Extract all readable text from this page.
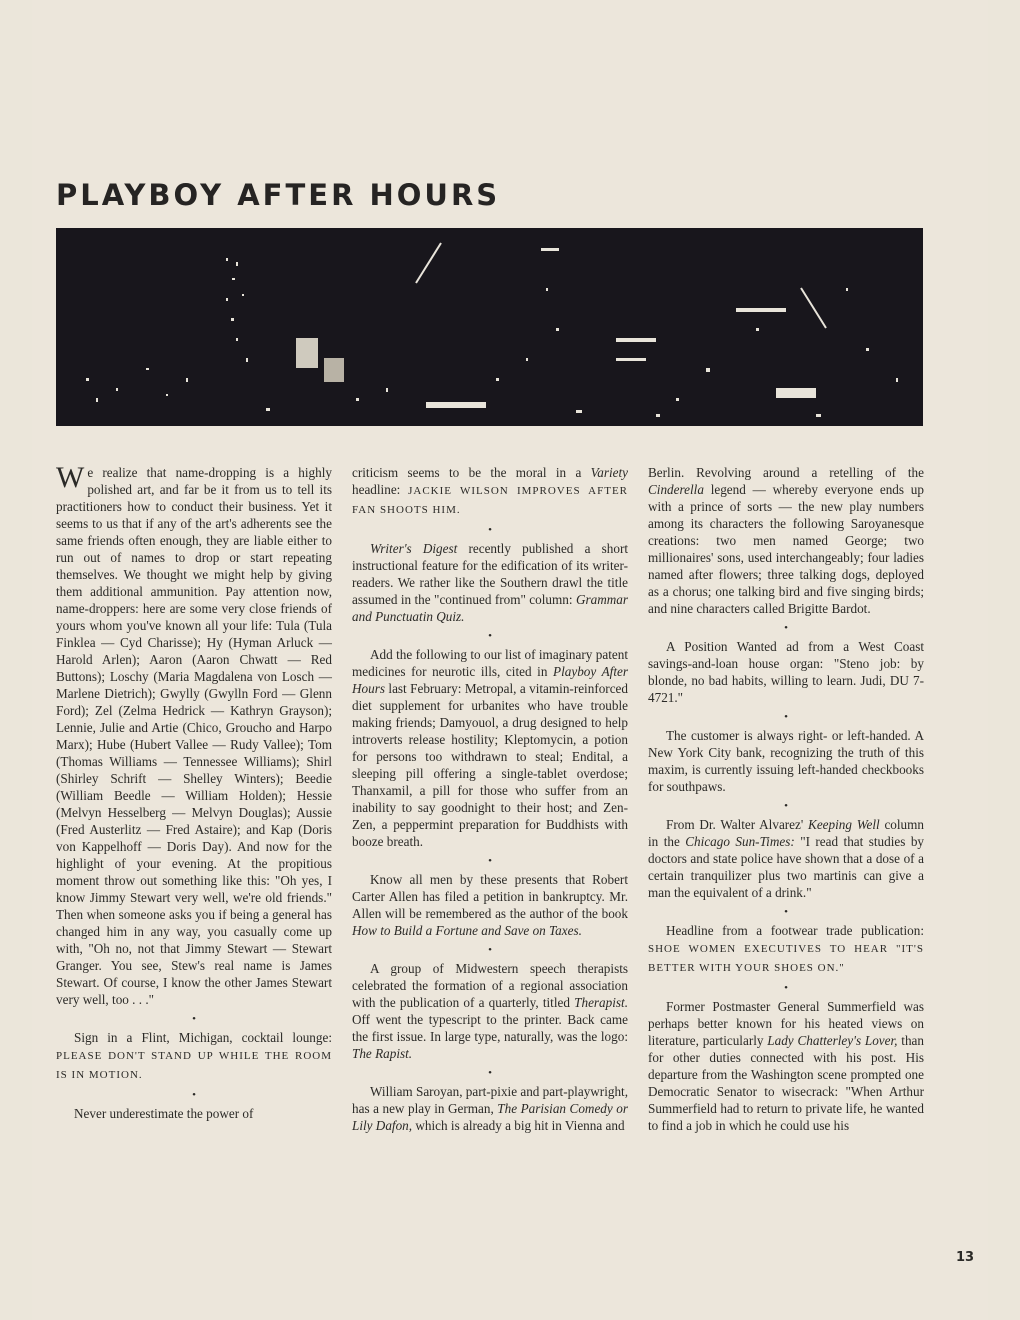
PLAYBOY AFTER HOURS

We realize that name-dropping is a highly polished art, and far be it from us to tell its practitioners how to conduct their business. Yet it seems to us that if any of the art's adherents see the same friends often enough, they are liable either to run out of names to drop or start repeating themselves. We thought we might help by giving them additional ammunition. Pay attention now, name-droppers: here are some very close friends of yours whom you've known all your life: Tula (Tula Finklea — Cyd Charisse); Hy (Hyman Arluck — Harold Arlen); Aaron (Aaron Chwatt — Red Buttons); Loschy (Maria Magdalena von Losch — Marlene Dietrich); Gwylly (Gwylln Ford — Glenn Ford); Zel (Zelma Hedrick — Kathryn Grayson); Lennie, Julie and Artie (Chico, Groucho and Harpo Marx); Hube (Hubert Vallee — Rudy Vallee); Tom (Thomas Williams — Tennessee Williams); Shirl (Shirley Schrift — Shelley Winters); Beedie (William Beedle — William Holden); Hessie (Melvyn Hesselberg — Melvyn Douglas); Aussie (Fred Austerlitz — Fred Astaire); and Kap (Doris von Kappelhoff — Doris Day). And now for the highlight of your evening. At the propitious moment throw out something like this: "Oh yes, I know Jimmy Stewart very well, we're old friends." Then when someone asks you if being a general has changed him in any way, you casually come up with, "Oh no, not that Jimmy Stewart — Stewart Granger. You see, Stew's real name is James Stewart. Of course, I know the other James Stewart very well, too . . ."

•

Sign in a Flint, Michigan, cocktail lounge: PLEASE DON'T STAND UP WHILE THE ROOM IS IN MOTION.

•

Never underestimate the power of

criticism seems to be the moral in a Variety headline: JACKIE WILSON IMPROVES AFTER FAN SHOOTS HIM.

•

Writer's Digest recently published a short instructional feature for the edification of its writer-readers. We rather like the Southern drawl the title assumed in the "continued from" column: Grammar and Punctuatin Quiz.

•

Add the following to our list of imaginary patent medicines for neurotic ills, cited in Playboy After Hours last February: Metropal, a vitamin-reinforced diet supplement for urbanites who have trouble making friends; Damyouol, a drug designed to help introverts release hostility; Kleptomycin, a potion for persons too withdrawn to steal; Endital, a sleeping pill offering a single-tablet overdose; Thanxamil, a pill for those who suffer from an inability to say goodnight to their host; and Zen-Zen, a peppermint preparation for Buddhists with booze breath.

•

Know all men by these presents that Robert Carter Allen has filed a petition in bankruptcy. Mr. Allen will be remembered as the author of the book How to Build a Fortune and Save on Taxes.

•

A group of Midwestern speech therapists celebrated the formation of a regional association with the publication of a quarterly, titled Therapist. Off went the typescript to the printer. Back came the first issue. In large type, naturally, was the logo: The Rapist.

•

William Saroyan, part-pixie and part-playwright, has a new play in German, The Parisian Comedy or Lily Dafon, which is already a big hit in Vienna and

Berlin. Revolving around a retelling of the Cinderella legend — whereby everyone ends up with a prince of sorts — the new play numbers among its characters the following Saroyanesque creations: two men named George; two millionaires' sons, used interchangeably; four ladies named after flowers; three talking dogs, deployed as a chorus; one talking bird and five singing birds; and nine characters called Brigitte Bardot.

•

A Position Wanted ad from a West Coast savings-and-loan house organ: "Steno job: by blonde, no bad habits, willing to learn. Judi, DU 7-4721."

•

The customer is always right- or left-handed. A New York City bank, recognizing the truth of this maxim, is currently issuing left-handed checkbooks for southpaws.

•

From Dr. Walter Alvarez' Keeping Well column in the Chicago Sun-Times: "I read that studies by doctors and state police have shown that a dose of a certain tranquilizer plus two martinis can give a man the equivalent of a drink."

•

Headline from a footwear trade publication: SHOE WOMEN EXECUTIVES TO HEAR "IT'S BETTER WITH YOUR SHOES ON."

•

Former Postmaster General Summerfield was perhaps better known for his heated views on literature, particularly Lady Chatterley's Lover, than for other duties connected with his post. His departure from the Washington scene prompted one Democratic Senator to wisecrack: "When Arthur Summerfield had to return to private life, he wanted to find a job in which he could use his

13
